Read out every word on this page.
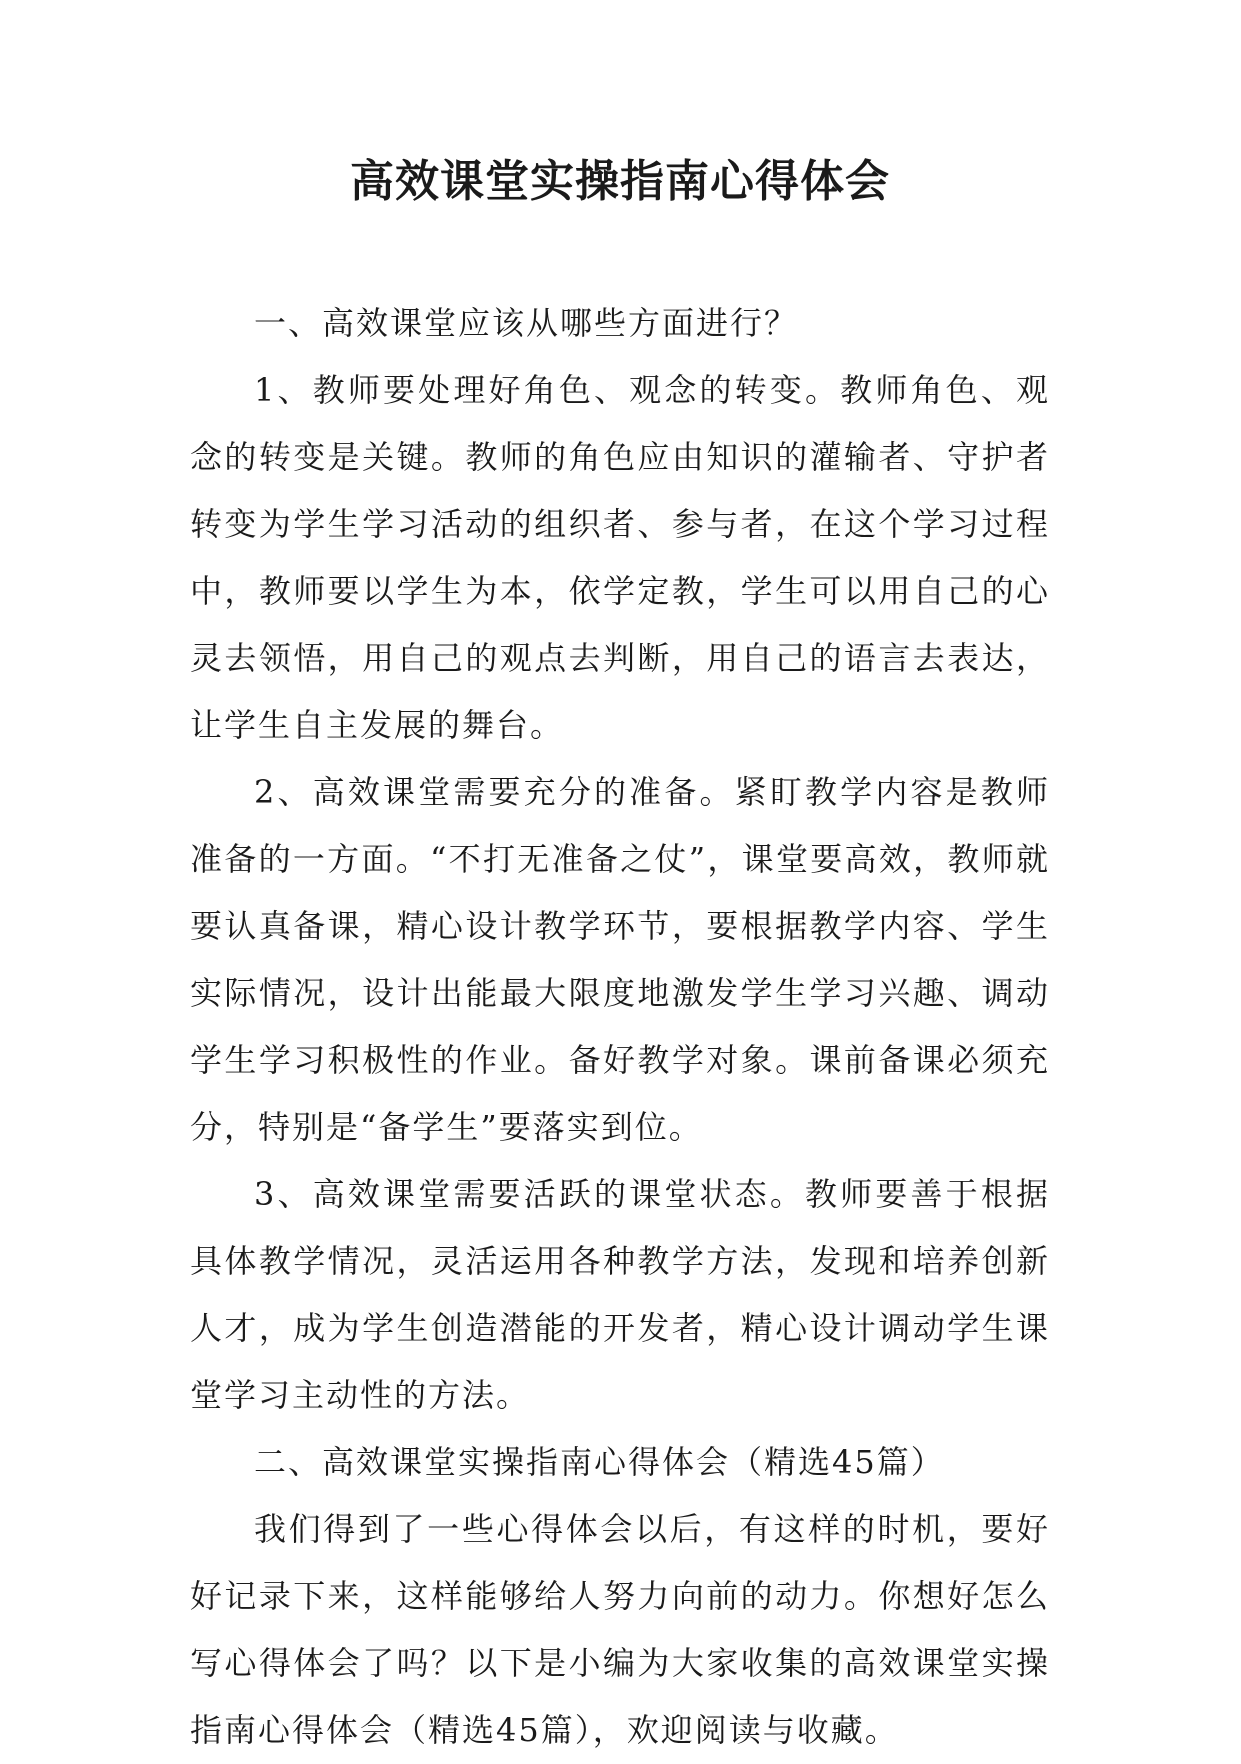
高效课堂实操指南心得体会

一、高效课堂应该从哪些方面进行？

1、教师要处理好角色、观念的转变。教师角色、观念的转变是关键。教师的角色应由知识的灌输者、守护者转变为学生学习活动的组织者、参与者，在这个学习过程中，教师要以学生为本，依学定教，学生可以用自己的心灵去领悟，用自己的观点去判断，用自己的语言去表达，让学生自主发展的舞台。

2、高效课堂需要充分的准备。紧盯教学内容是教师准备的一方面。“不打无准备之仗”，课堂要高效，教师就要认真备课，精心设计教学环节，要根据教学内容、学生实际情况，设计出能最大限度地激发学生学习兴趣、调动学生学习积极性的作业。备好教学对象。课前备课必须充分，特别是“备学生”要落实到位。

3、高效课堂需要活跃的课堂状态。教师要善于根据具体教学情况，灵活运用各种教学方法，发现和培养创新人才，成为学生创造潜能的开发者，精心设计调动学生课堂学习主动性的方法。

二、高效课堂实操指南心得体会（精选45篇）

我们得到了一些心得体会以后，有这样的时机，要好好记录下来，这样能够给人努力向前的动力。你想好怎么写心得体会了吗？以下是小编为大家收集的高效课堂实操指南心得体会（精选45篇），欢迎阅读与收藏。
